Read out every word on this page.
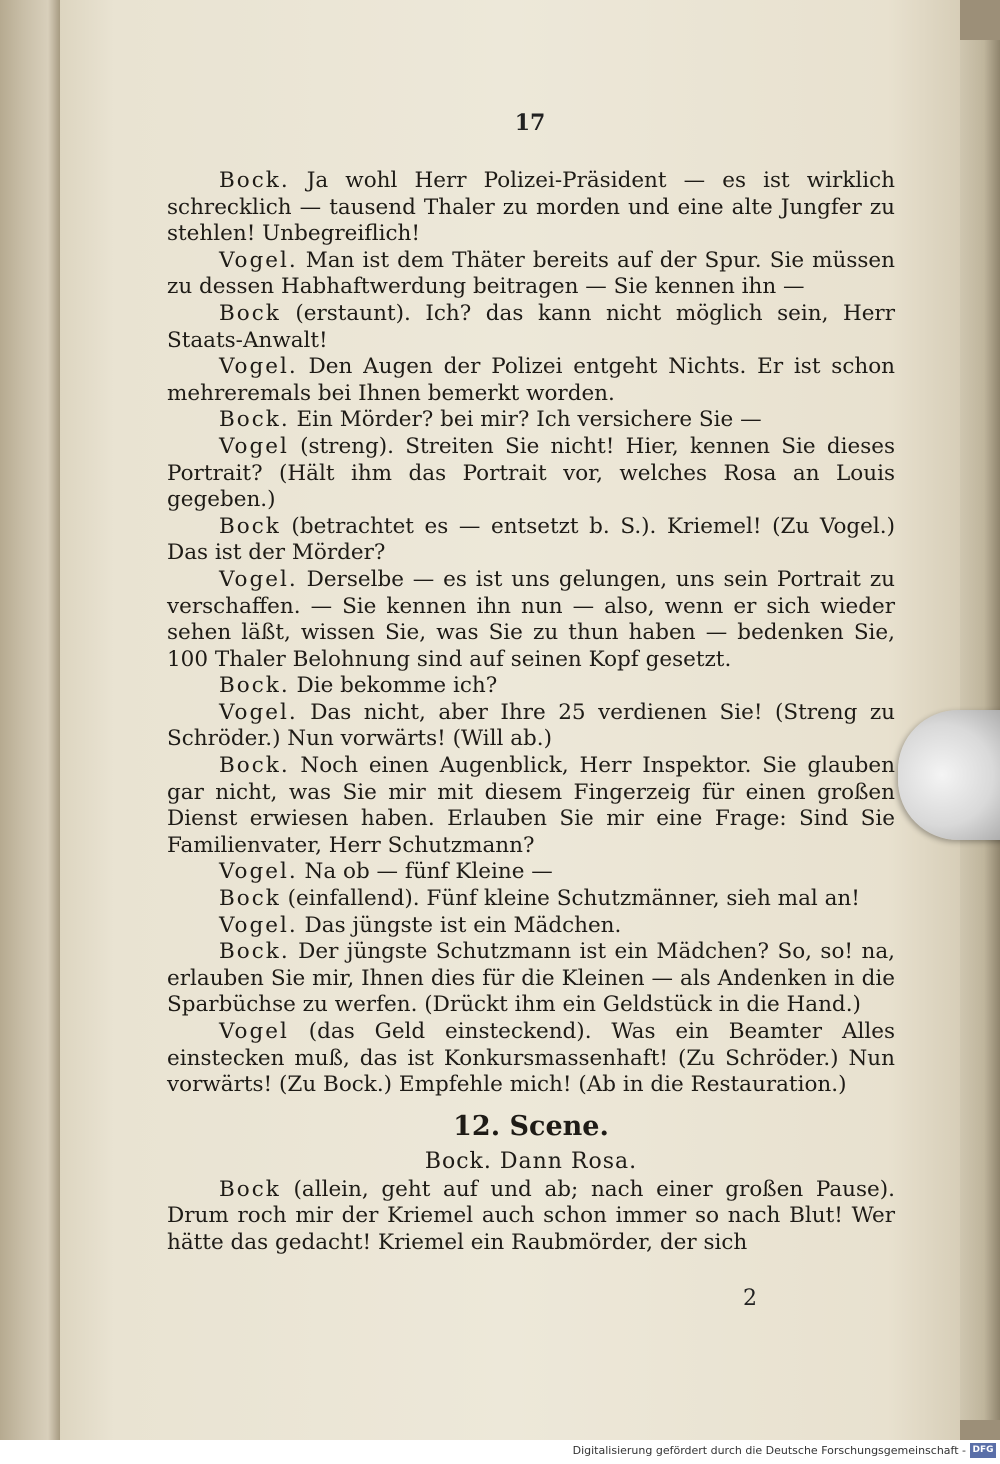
17

Bock. Ja wohl Herr Polizei-Präsident — es ist wirklich schrecklich — tausend Thaler zu morden und eine alte Jungfer zu stehlen! Unbegreiflich!

Vogel. Man ist dem Thäter bereits auf der Spur. Sie müssen zu dessen Habhaftwerdung beitragen — Sie kennen ihn —

Bock (erstaunt). Ich? das kann nicht möglich sein, Herr Staats-Anwalt!

Vogel. Den Augen der Polizei entgeht Nichts. Er ist schon mehreremals bei Ihnen bemerkt worden.

Bock. Ein Mörder? bei mir? Ich versichere Sie —

Vogel (streng). Streiten Sie nicht! Hier, kennen Sie dieses Portrait? (Hält ihm das Portrait vor, welches Rosa an Louis gegeben.)

Bock (betrachtet es — entsetzt b. S.). Kriemel! (Zu Vogel.) Das ist der Mörder?

Vogel. Derselbe — es ist uns gelungen, uns sein Portrait zu verschaffen. — Sie kennen ihn nun — also, wenn er sich wieder sehen läßt, wissen Sie, was Sie zu thun haben — bedenken Sie, 100 Thaler Belohnung sind auf seinen Kopf gesetzt.

Bock. Die bekomme ich?

Vogel. Das nicht, aber Ihre 25 verdienen Sie! (Streng zu Schröder.) Nun vorwärts! (Will ab.)

Bock. Noch einen Augenblick, Herr Inspektor. Sie glauben gar nicht, was Sie mir mit diesem Fingerzeig für einen großen Dienst erwiesen haben. Erlauben Sie mir eine Frage: Sind Sie Familienvater, Herr Schutzmann?

Vogel. Na ob — fünf Kleine —

Bock (einfallend). Fünf kleine Schutzmänner, sieh mal an!

Vogel. Das jüngste ist ein Mädchen.

Bock. Der jüngste Schutzmann ist ein Mädchen? So, so! na, erlauben Sie mir, Ihnen dies für die Kleinen — als Andenken in die Sparbüchse zu werfen. (Drückt ihm ein Geldstück in die Hand.)

Vogel (das Geld einsteckend). Was ein Beamter Alles einstecken muß, das ist Konkursmassenhaft! (Zu Schröder.) Nun vorwärts! (Zu Bock.) Empfehle mich! (Ab in die Restauration.)

12. Scene.

Bock. Dann Rosa.

Bock (allein, geht auf und ab; nach einer großen Pause). Drum roch mir der Kriemel auch schon immer so nach Blut! Wer hätte das gedacht! Kriemel ein Raubmörder, der sich

2
Digitalisierung gefördert durch die Deutsche Forschungsgemeinschaft - DFG
